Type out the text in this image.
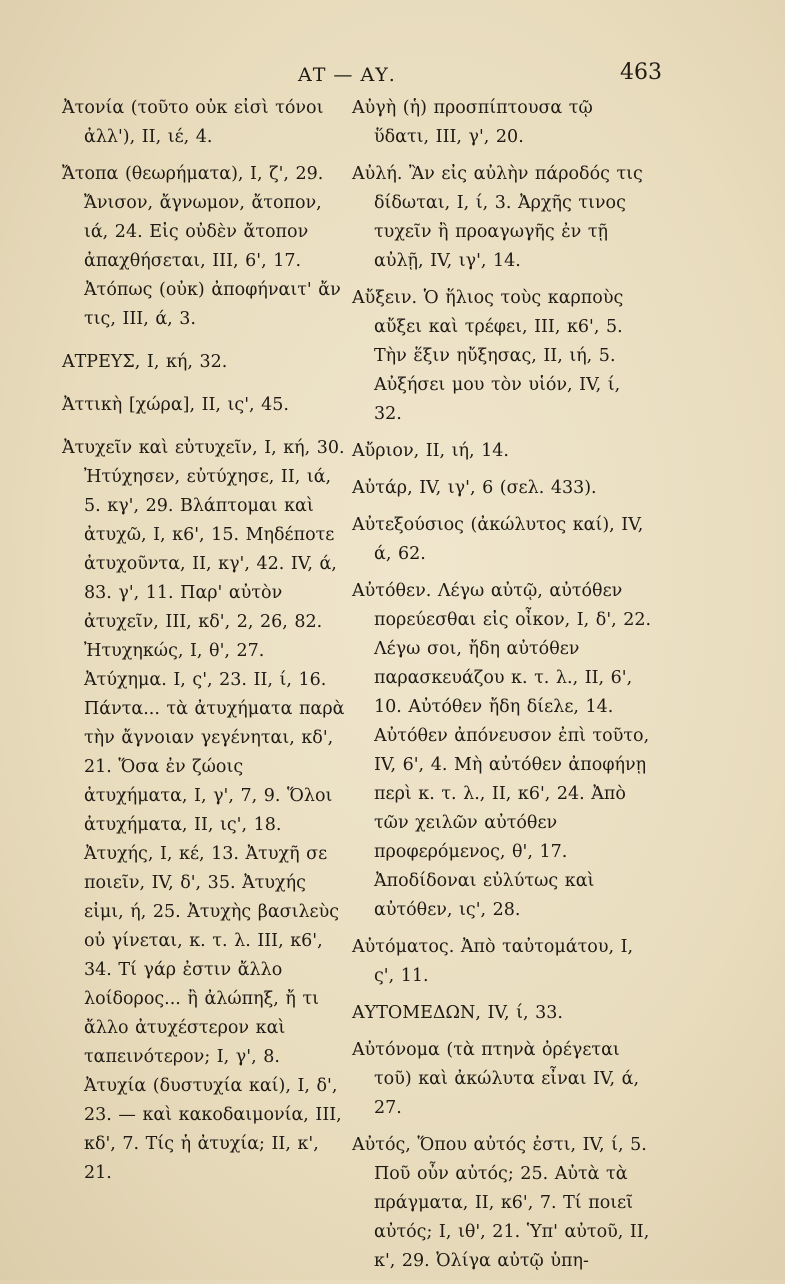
ΑΤ — ΑΥ.	463

Ἀτονία (τοῦτο οὐκ εἰσὶ τόνοι ἀλλ'), II, ιέ, 4.

Ἄτοπα (θεωρήματα), I, ζ', 29. Ἄνισον, ἄγνωμον, ἄτοπον, ιά, 24. Εἰς οὐδὲν ἄτοπον ἀπαχθήσεται, III, 6', 17. Ἀτόπως (οὐκ) ἀποφήναιτ' ἄν τις, III, ά, 3.

ΑΤΡΕΥΣ, I, κή, 32.

Ἀττικὴ [χώρα], II, ις', 45.

Ἀτυχεῖν καὶ εὐτυχεῖν, I, κή, 30. Ἠτύχησεν, εὐτύχησε, II, ιά, 5. κγ', 29. Βλάπτομαι καὶ ἀτυχῶ, I, κ6', 15. Μηδέποτε ἀτυχοῦντα, II, κγ', 42. IV, ά, 83. γ', 11. Παρ' αὐτὸν ἀτυχεῖν, III, κδ', 2, 26, 82. Ἠτυχηκώς, I, θ', 27. Ἀτύχημα. I, ς', 23. II, ί, 16. Πάντα... τὰ ἀτυχήματα παρὰ τὴν ἄγνοιαν γεγένηται, κδ', 21. Ὅσα ἐν ζώοις ἀτυχήματα, I, γ', 7, 9. Ὅλοι ἀτυχήματα, II, ις', 18. Ἀτυχής, I, κέ, 13. Ἀτυχῆ σε ποιεῖν, IV, δ', 35. Ἀτυχής εἰμι, ή, 25. Ἀτυχὴς βασιλεὺς οὐ γίνεται, κ. τ. λ. III, κ6', 34. Τί γάρ ἐστιν ἄλλο λοίδορος... ἢ ἀλώπηξ, ἤ τι ἄλλο ἀτυχέστερον καὶ ταπεινότερον; I, γ', 8. Ἀτυχία (δυστυχία καί), I, δ', 23. — καὶ κακοδαιμονία, III, κδ', 7. Τίς ἡ ἀτυχία; II, κ', 21.

Αὐγὴ (ἡ) προσπίπτουσα τῷ ὕδατι, III, γ', 20.

Αὐλή. Ἂν εἰς αὐλὴν πάροδός τις δίδωται, I, ί, 3. Ἀρχῆς τινος τυχεῖν ἢ προαγωγῆς ἐν τῇ αὐλῇ, IV, ιγ', 14.

Αὔξειν. Ὁ ἥλιος τοὺς καρποὺς αὔξει καὶ τρέφει, III, κ6', 5. Τὴν ἕξιν ηὔξησας, II, ιή, 5. Αὐξήσει μου τὸν υἱόν, IV, ί, 32.

Αὔριον, II, ιή, 14.

Αὐτάρ, IV, ιγ', 6 (σελ. 433).

Αὐτεξούσιος (ἀκώλυτος καί), IV, ά, 62.

Αὐτόθεν. Λέγω αὐτῷ, αὐτόθεν πορεύεσθαι εἰς οἶκον, I, δ', 22. Λέγω σοι, ἤδη αὐτόθεν παρασκευάζου κ. τ. λ., II, 6', 10. Αὐτόθεν ἤδη δίελε, 14. Αὐτόθεν ἀπόνευσον ἐπὶ τοῦτο, IV, 6', 4. Μὴ αὐτόθεν ἀποφήνῃ περὶ κ. τ. λ., II, κ6', 24. Ἀπὸ τῶν χειλῶν αὐτόθεν προφερόμενος, θ', 17. Ἀποδίδοναι εὐλύτως καὶ αὐτόθεν, ις', 28.

Αὐτόματος. Ἀπὸ ταὐτομάτου, I, ς', 11.

ΑΥΤΟΜΕΔΩΝ, IV, ί, 33.

Αὐτόνομα (τὰ πτηνὰ ὀρέγεται τοῦ) καὶ ἀκώλυτα εἶναι IV, ά, 27.

Αὐτός, Ὅπου αὐτός ἐστι, IV, ί, 5. Ποῦ οὖν αὐτός; 25. Αὐτὰ τὰ πράγματα, II, κ6', 7. Τί ποιεῖ αὐτός; I, ιθ', 21. Ὑπ' αὐτοῦ, II, κ', 29. Ὀλίγα αὐτῷ ὑπη-
